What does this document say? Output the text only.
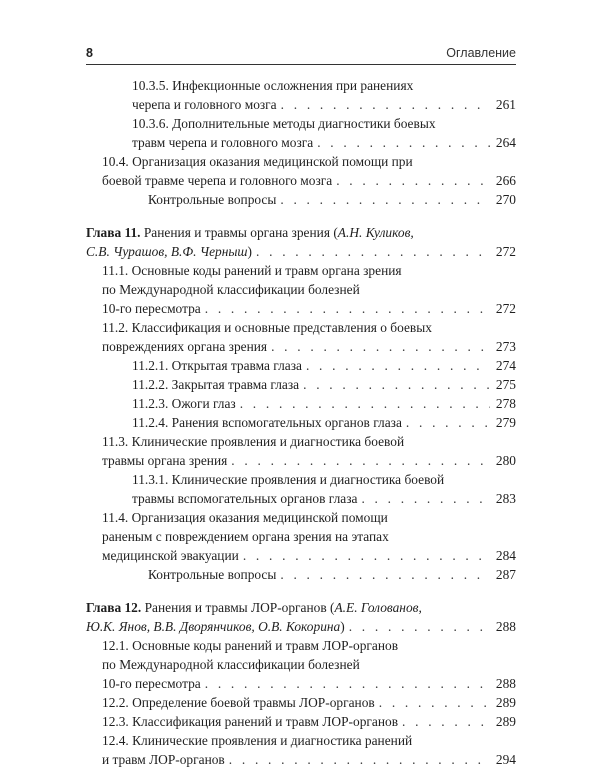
8	Оглавление
10.3.5. Инфекционные осложнения при ранениях
черепа и головного мозга . . .	261
10.3.6. Дополнительные методы диагностики боевых
травм черепа и головного мозга . . .	264
10.4. Организация оказания медицинской помощи при
боевой травме черепа и головного мозга . . .	266
Контрольные вопросы . . .	270
Глава 11. Ранения и травмы органа зрения (А.Н. Куликов,
С.В. Чурашов, В.Ф. Черныш) . . .	272
11.1. Основные коды ранений и травм органа зрения
по Международной классификации болезней
10-го пересмотра . . .	272
11.2. Классификация и основные представления о боевых
повреждениях органа зрения . . .	273
11.2.1. Открытая травма глаза . . .	274
11.2.2. Закрытая травма глаза . . .	275
11.2.3. Ожоги глаз . . .	278
11.2.4. Ранения вспомогательных органов глаза . . .	279
11.3. Клинические проявления и диагностика боевой
травмы органа зрения . . .	280
11.3.1. Клинические проявления и диагностика боевой
травмы вспомогательных органов глаза . . .	283
11.4. Организация оказания медицинской помощи
раненым с повреждением органа зрения на этапах
медицинской эвакуации . . .	284
Контрольные вопросы . . .	287
Глава 12. Ранения и травмы ЛОР-органов (А.Е. Голованов,
Ю.К. Янов, В.В. Дворянчиков, О.В. Кокорина) . . .	288
12.1. Основные коды ранений и травм ЛОР-органов
по Международной классификации болезней
10-го пересмотра . . .	288
12.2. Определение боевой травмы ЛОР-органов . . .	289
12.3. Классификация ранений и травм ЛОР-органов . . .	289
12.4. Клинические проявления и диагностика ранений
и травм ЛОР-органов . . .	294
